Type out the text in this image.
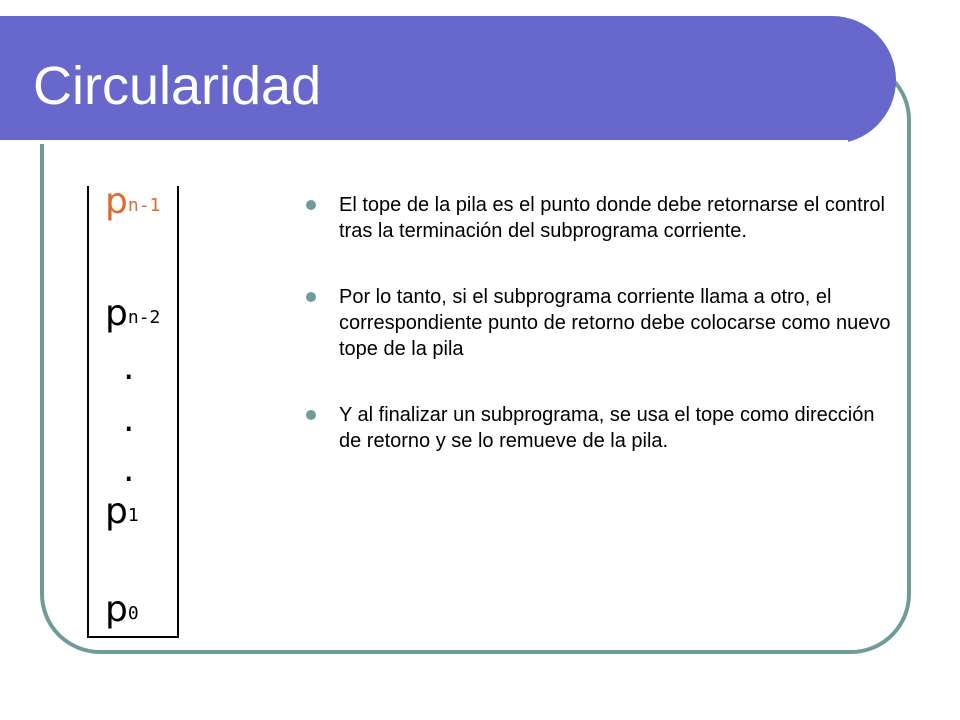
Circularidad
pn-1
pn-2
.
.
.
p1
p0
El tope de la pila es el punto donde debe retornarse el control tras la terminación del subprograma corriente.
Por lo tanto, si el subprograma corriente llama a otro, el correspondiente punto de retorno debe colocarse como nuevo tope de la pila
Y al finalizar un subprograma, se usa el tope como dirección de retorno y se lo remueve de la pila.
